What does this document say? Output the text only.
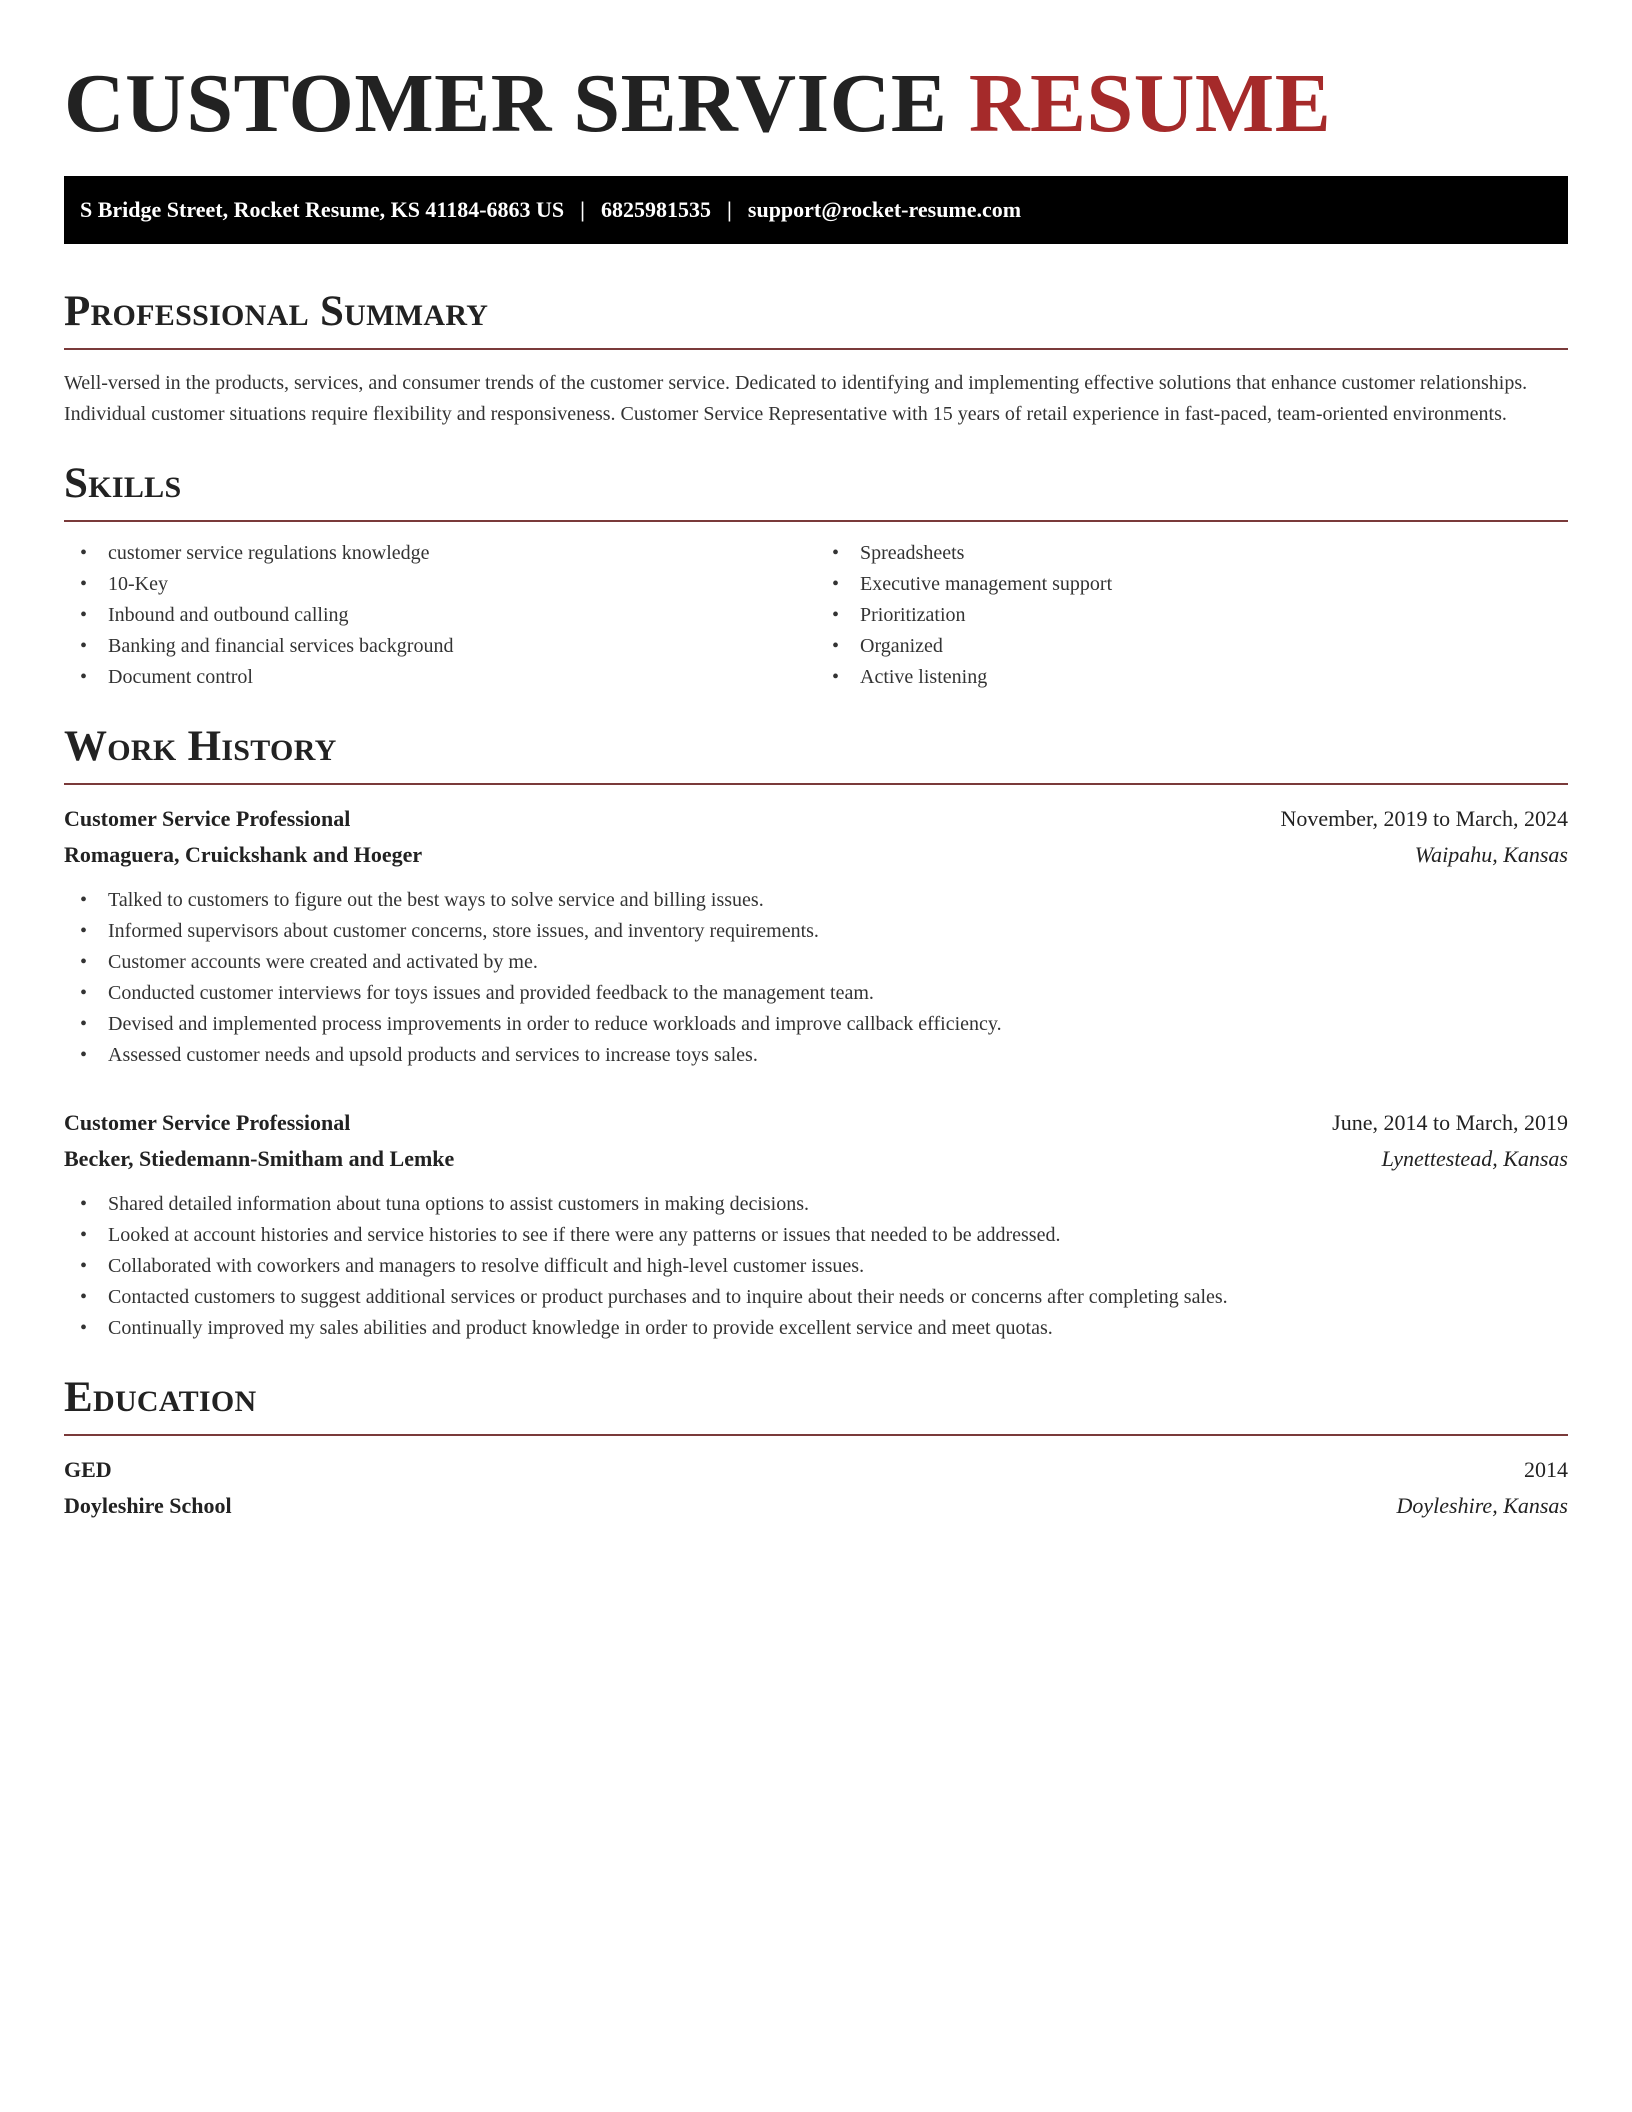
CUSTOMER SERVICE RESUME
S Bridge Street, Rocket Resume, KS 41184-6863 US | 6825981535 | support@rocket-resume.com
Professional Summary

Well-versed in the products, services, and consumer trends of the customer service. Dedicated to identifying and implementing effective solutions that enhance customer relationships. Individual customer situations require flexibility and responsiveness. Customer Service Representative with 15 years of retail experience in fast-paced, team-oriented environments.

Skills
• customer service regulations knowledge
• 10-Key
• Inbound and outbound calling
• Banking and financial services background
• Document control
• Spreadsheets
• Executive management support
• Prioritization
• Organized
• Active listening
Work History
Customer Service Professional	November, 2019 to March, 2024
Romaguera, Cruickshank and Hoeger	Waipahu, Kansas
• Talked to customers to figure out the best ways to solve service and billing issues.
• Informed supervisors about customer concerns, store issues, and inventory requirements.
• Customer accounts were created and activated by me.
• Conducted customer interviews for toys issues and provided feedback to the management team.
• Devised and implemented process improvements in order to reduce workloads and improve callback efficiency.
• Assessed customer needs and upsold products and services to increase toys sales.
Customer Service Professional	June, 2014 to March, 2019
Becker, Stiedemann-Smitham and Lemke	Lynettestead, Kansas
• Shared detailed information about tuna options to assist customers in making decisions.
• Looked at account histories and service histories to see if there were any patterns or issues that needed to be addressed.
• Collaborated with coworkers and managers to resolve difficult and high-level customer issues.
• Contacted customers to suggest additional services or product purchases and to inquire about their needs or concerns after completing sales.
• Continually improved my sales abilities and product knowledge in order to provide excellent service and meet quotas.
Education
GED	2014
Doyleshire School	Doyleshire, Kansas
